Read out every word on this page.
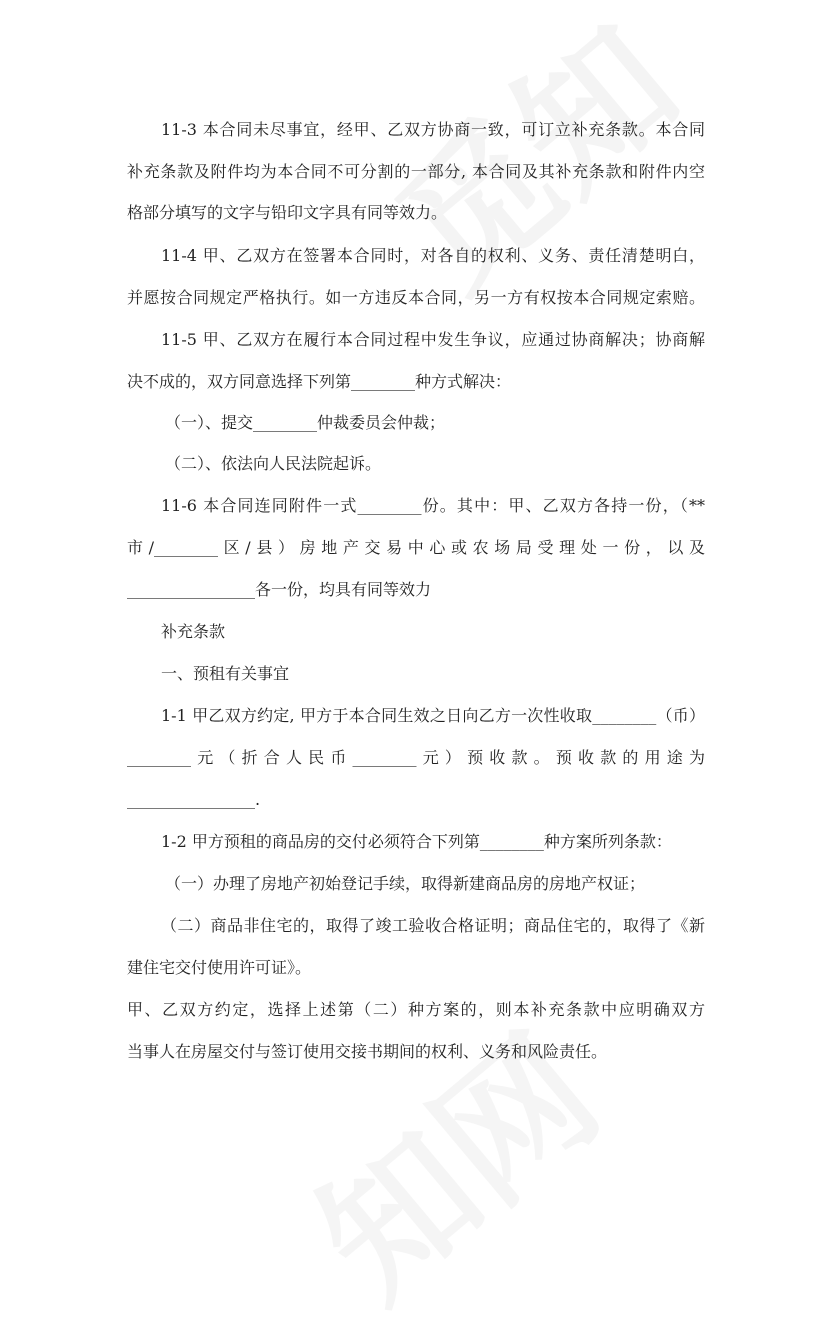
11-3 本合同未尽事宜，经甲、乙双方协商一致，可订立补充条款。本合同
补充条款及附件均为本合同不可分割的一部分, 本合同及其补充条款和附件内空
格部分填写的文字与铅印文字具有同等效力。
11-4 甲、乙双方在签署本合同时，对各自的权利、义务、责任清楚明白，
并愿按合同规定严格执行。如一方违反本合同，另一方有权按本合同规定索赔。
11-5 甲、乙双方在履行本合同过程中发生争议，应通过协商解决；协商解
决不成的，双方同意选择下列第________种方式解决：
（一）、提交________仲裁委员会仲裁；
（二）、依法向人民法院起诉。
11-6 本合同连同附件一式________份。其中：甲、乙双方各持一份，（**
市/________区/县）房地产交易中心或农场局受理处一份，以及
________________各一份，均具有同等效力
补充条款
一、预租有关事宜
1-1 甲乙双方约定, 甲方于本合同生效之日向乙方一次性收取________（币）
________元（折合人民币________元）预收款。预收款的用途为
________________.
1-2 甲方预租的商品房的交付必须符合下列第________种方案所列条款：
（一）办理了房地产初始登记手续，取得新建商品房的房地产权证；
（二）商品非住宅的，取得了竣工验收合格证明；商品住宅的，取得了《新
建住宅交付使用许可证》。
甲、乙双方约定，选择上述第（二）种方案的，则本补充条款中应明确双方
当事人在房屋交付与签订使用交接书期间的权利、义务和风险责任。
